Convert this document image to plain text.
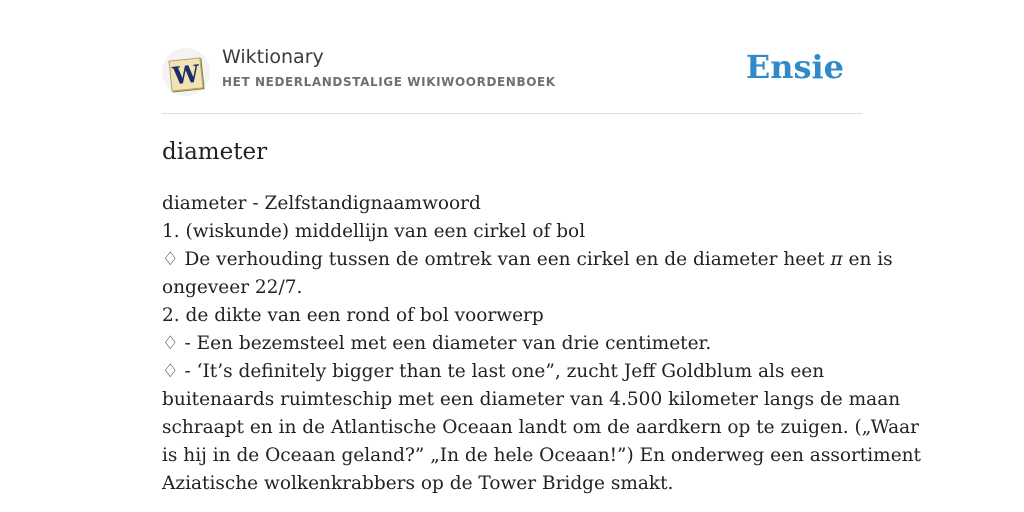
W
Wiktionary
HET NEDERLANDSTALIGE WIKIWOORDENBOEK	Ensie
diameter
diameter - Zelfstandignaamwoord
1. (wiskunde) middellijn van een cirkel of bol
♢ De verhouding tussen de omtrek van een cirkel en de diameter heet π en is
ongeveer 22/7.
2. de dikte van een rond of bol voorwerp
♢ - Een bezemsteel met een diameter van drie centimeter.
♢ - ‘It’s definitely bigger than te last one”, zucht Jeff Goldblum als een
buitenaards ruimteschip met een diameter van 4.500 kilometer langs de maan
schraapt en in de Atlantische Oceaan landt om de aardkern op te zuigen. („Waar
is hij in de Oceaan geland?” „In de hele Oceaan!”) En onderweg een assortiment
Aziatische wolkenkrabbers op de Tower Bridge smakt.
